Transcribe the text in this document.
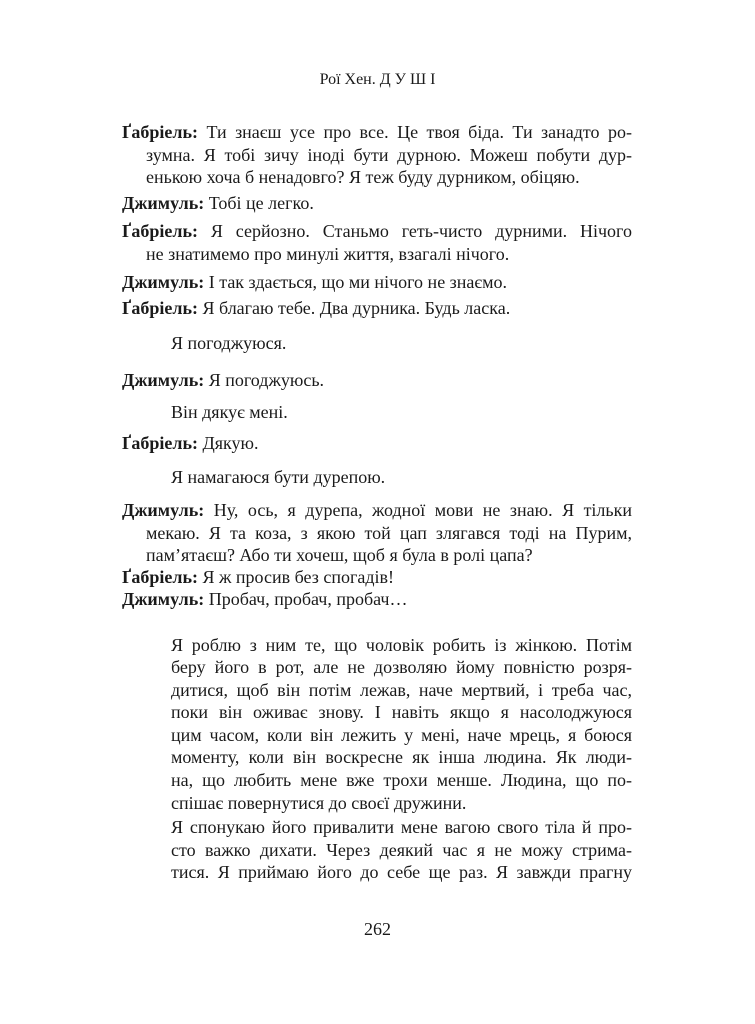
Рої Хен. Д У Ш І
Ґабріель: Ти знаєш усе про все. Це твоя біда. Ти занадто ро-
зумна. Я тобі зичу іноді бути дурною. Можеш побути дур-
енькою хоча б ненадовго? Я теж буду дурником, обіцяю.
Джимуль: Тобі це легко.
Ґабріель: Я серйозно. Станьмо геть-чисто дурними. Нічого
не знатимемо про минулі життя, взагалі нічого.
Джимуль: І так здається, що ми нічого не знаємо.
Ґабріель: Я благаю тебе. Два дурника. Будь ласка.
Я погоджуюся.
Джимуль: Я погоджуюсь.
Він дякує мені.
Ґабріель: Дякую.
Я намагаюся бути дурепою.
Джимуль: Ну, ось, я дурепа, жодної мови не знаю. Я тільки
мекаю. Я та коза, з якою той цап злягався тоді на Пурим,
пам’ятаєш? Або ти хочеш, щоб я була в ролі цапа?
Ґабріель: Я ж просив без спогадів!
Джимуль: Пробач, пробач, пробач…
Я роблю з ним те, що чоловік робить із жінкою. Потім
беру його в рот, але не дозволяю йому повністю розря-
дитися, щоб він потім лежав, наче мертвий, і треба час,
поки він оживає знову. І навіть якщо я насолоджуюся
цим часом, коли він лежить у мені, наче мрець, я боюся
моменту, коли він воскресне як інша людина. Як люди-
на, що любить мене вже трохи менше. Людина, що по-
спішає повернутися до своєї дружини.
Я спонукаю його привалити мене вагою свого тіла й про-
сто важко дихати. Через деякий час я не можу стрима-
тися. Я приймаю його до себе ще раз. Я завжди прагну
262
